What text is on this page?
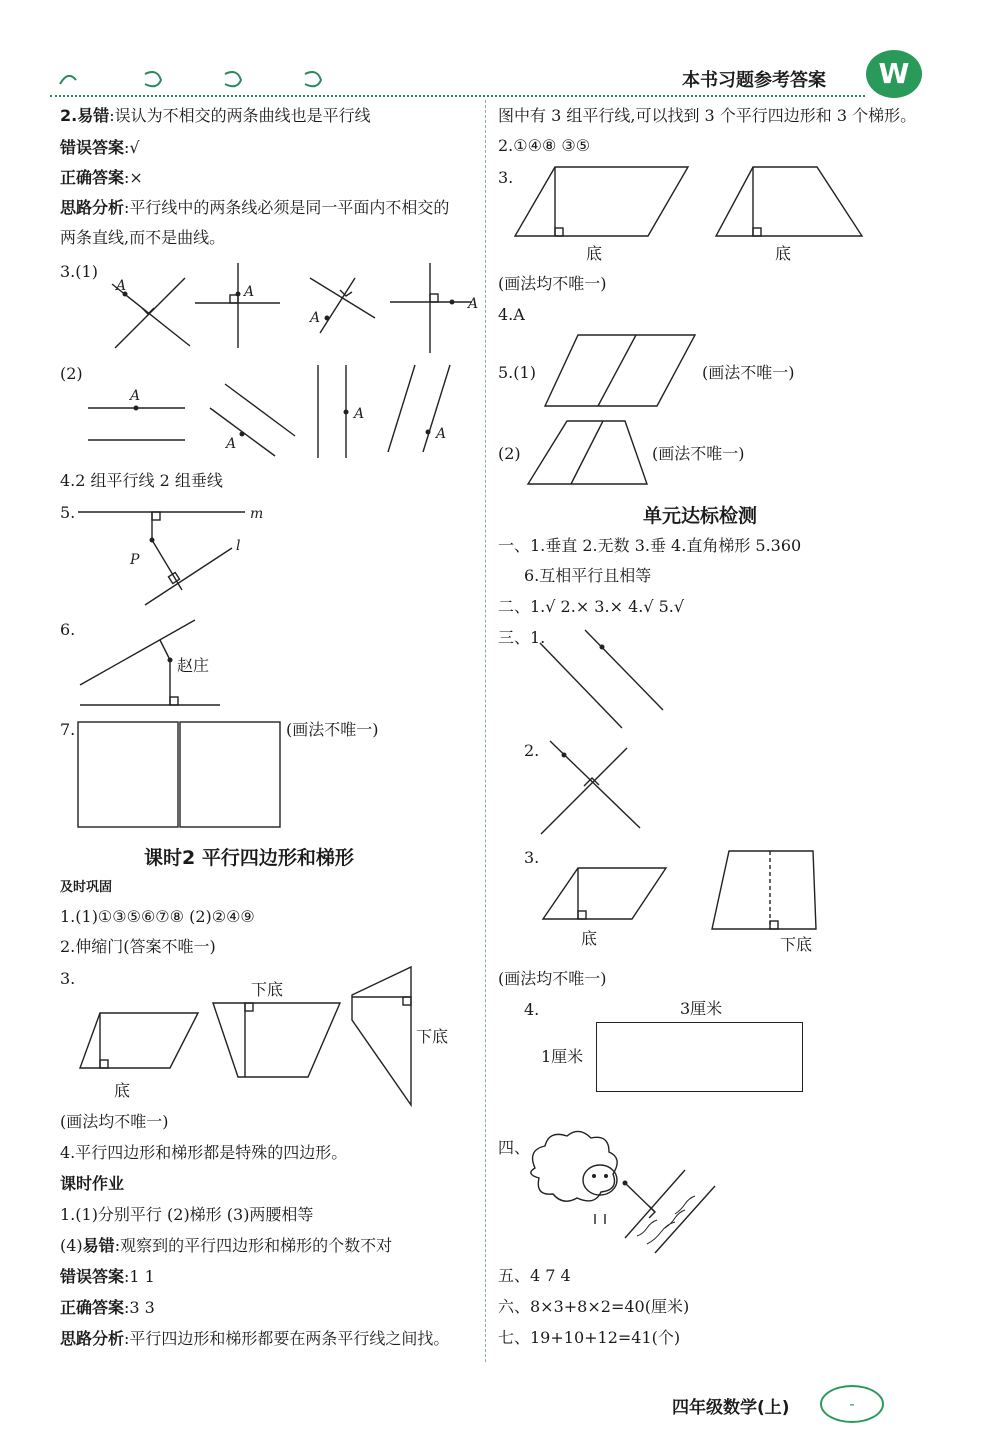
本书习题参考答案	W
2.易错:误认为不相交的两条曲线也是平行线
错误答案:√
正确答案:×
思路分析:平行线中的两条线必须是同一平面内不相交的
两条直线,而不是曲线。
3.(1)
A	A
A
A
(2)
A
A
A
A
4.2 组平行线 2 组垂线
5.	m
P
l
6.
赵庄
7.	(画法不唯一)
课时2 平行四边形和梯形
及时巩固
1.(1)①③⑤⑥⑦⑧ (2)②④⑨
2.伸缩门(答案不唯一)
3.
底
下底
下底
(画法均不唯一)
4.平行四边形和梯形都是特殊的四边形。
课时作业
1.(1)分别平行 (2)梯形 (3)两腰相等
(4)易错:观察到的平行四边形和梯形的个数不对
错误答案:1 1
正确答案:3 3
思路分析:平行四边形和梯形都要在两条平行线之间找。
图中有 3 组平行线,可以找到 3 个平行四边形和 3 个梯形。
2.①④⑧ ③⑤
3.
底	底
(画法均不唯一)
4.A
5.(1)	(画法不唯一)
(2)	(画法不唯一)
单元达标检测
一、1.垂直 2.无数 3.垂 4.直角梯形 5.360
6.互相平行且相等
二、1.√ 2.× 3.× 4.√ 5.√
三、1.
2.
3.
底	下底
(画法均不唯一)
4.	3厘米
1厘米
四、
五、4 7 4
六、8×3+8×2=40(厘米)
七、19+10+12=41(个)
四年级数学(上)	-
